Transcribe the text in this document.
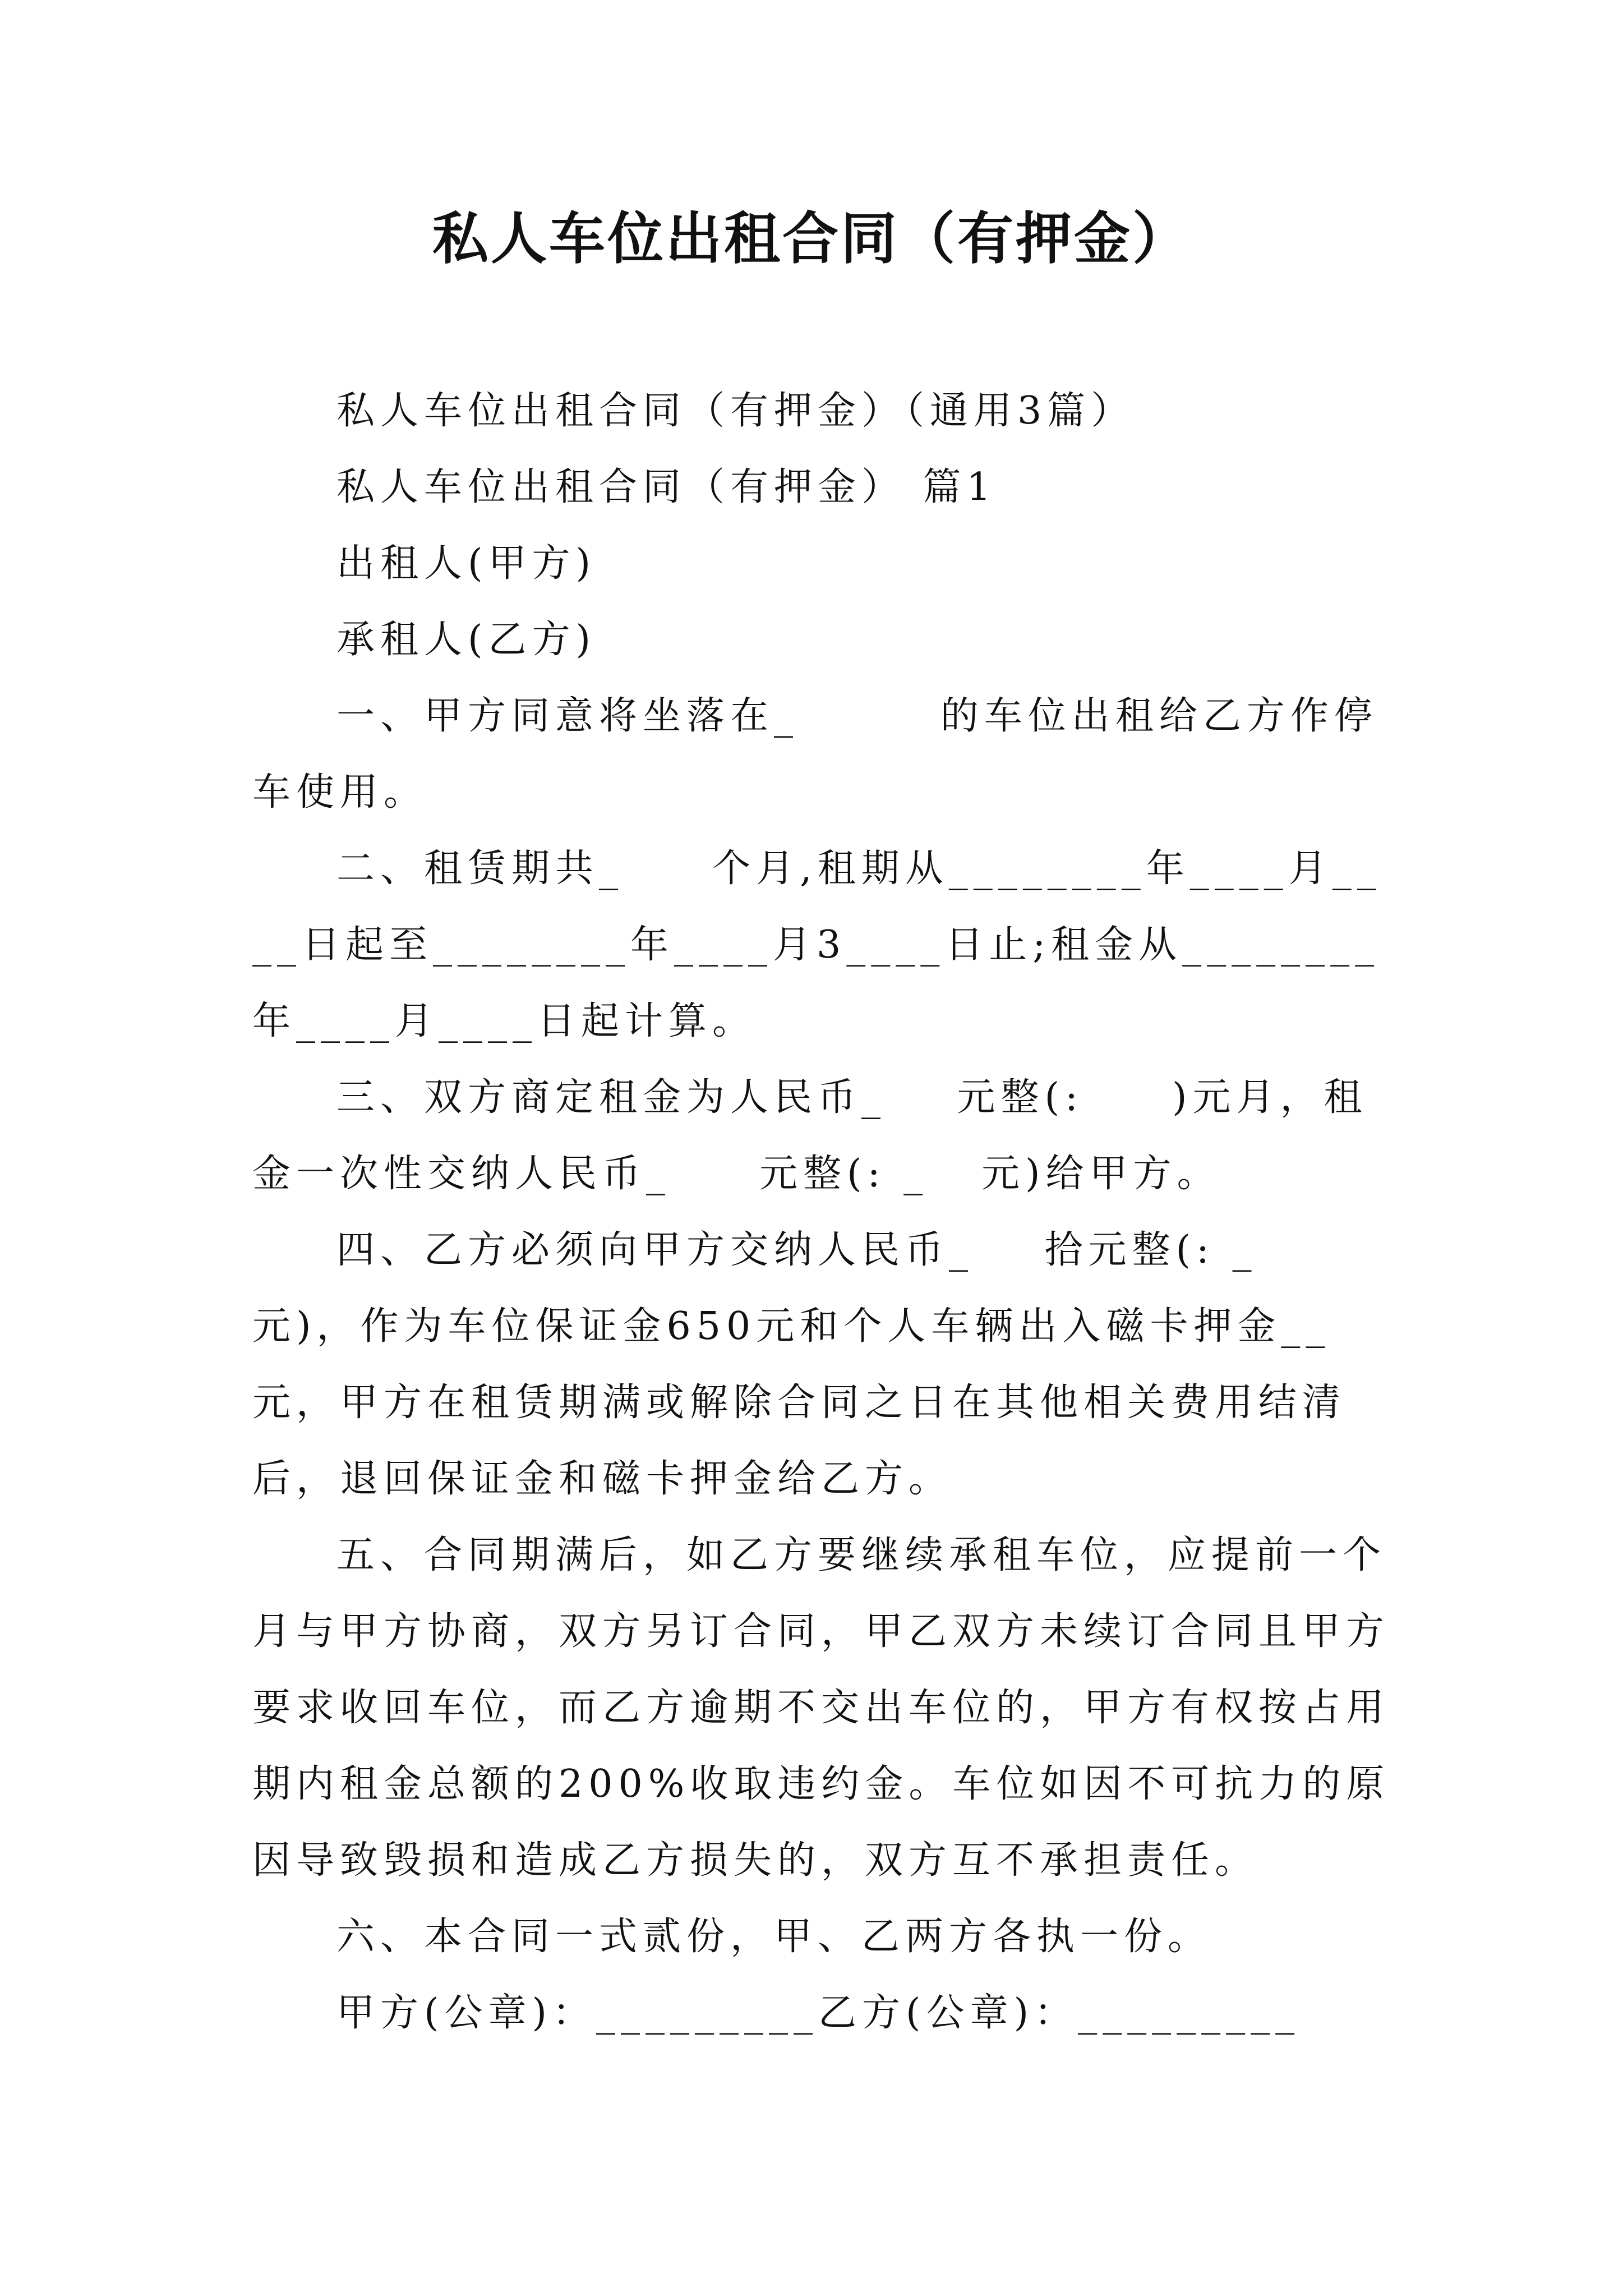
私人车位出租合同（有押金）

私人车位出租合同（有押金）（通用3篇）

私人车位出租合同（有押金） 篇1

出租人(甲方)

承租人(乙方)

一、甲方同意将坐落在_        的车位出租给乙方作停车使用。

二、租赁期共_     个月,租期从________年____月____日起至________年____月3____日止;租金从________年____月____日起计算。

三、双方商定租金为人民币_    元整(:     )元月，租金一次性交纳人民币_     元整(: _   元)给甲方。

四、乙方必须向甲方交纳人民币_    拾元整(: _    元)，作为车位保证金650元和个人车辆出入磁卡押金__元，甲方在租赁期满或解除合同之日在其他相关费用结清后，退回保证金和磁卡押金给乙方。

五、合同期满后，如乙方要继续承租车位，应提前一个月与甲方协商，双方另订合同，甲乙双方未续订合同且甲方要求收回车位，而乙方逾期不交出车位的，甲方有权按占用期内租金总额的200%收取违约金。车位如因不可抗力的原因导致毁损和造成乙方损失的，双方互不承担责任。

六、本合同一式贰份，甲、乙两方各执一份。

甲方(公章)：_________乙方(公章)：_________
